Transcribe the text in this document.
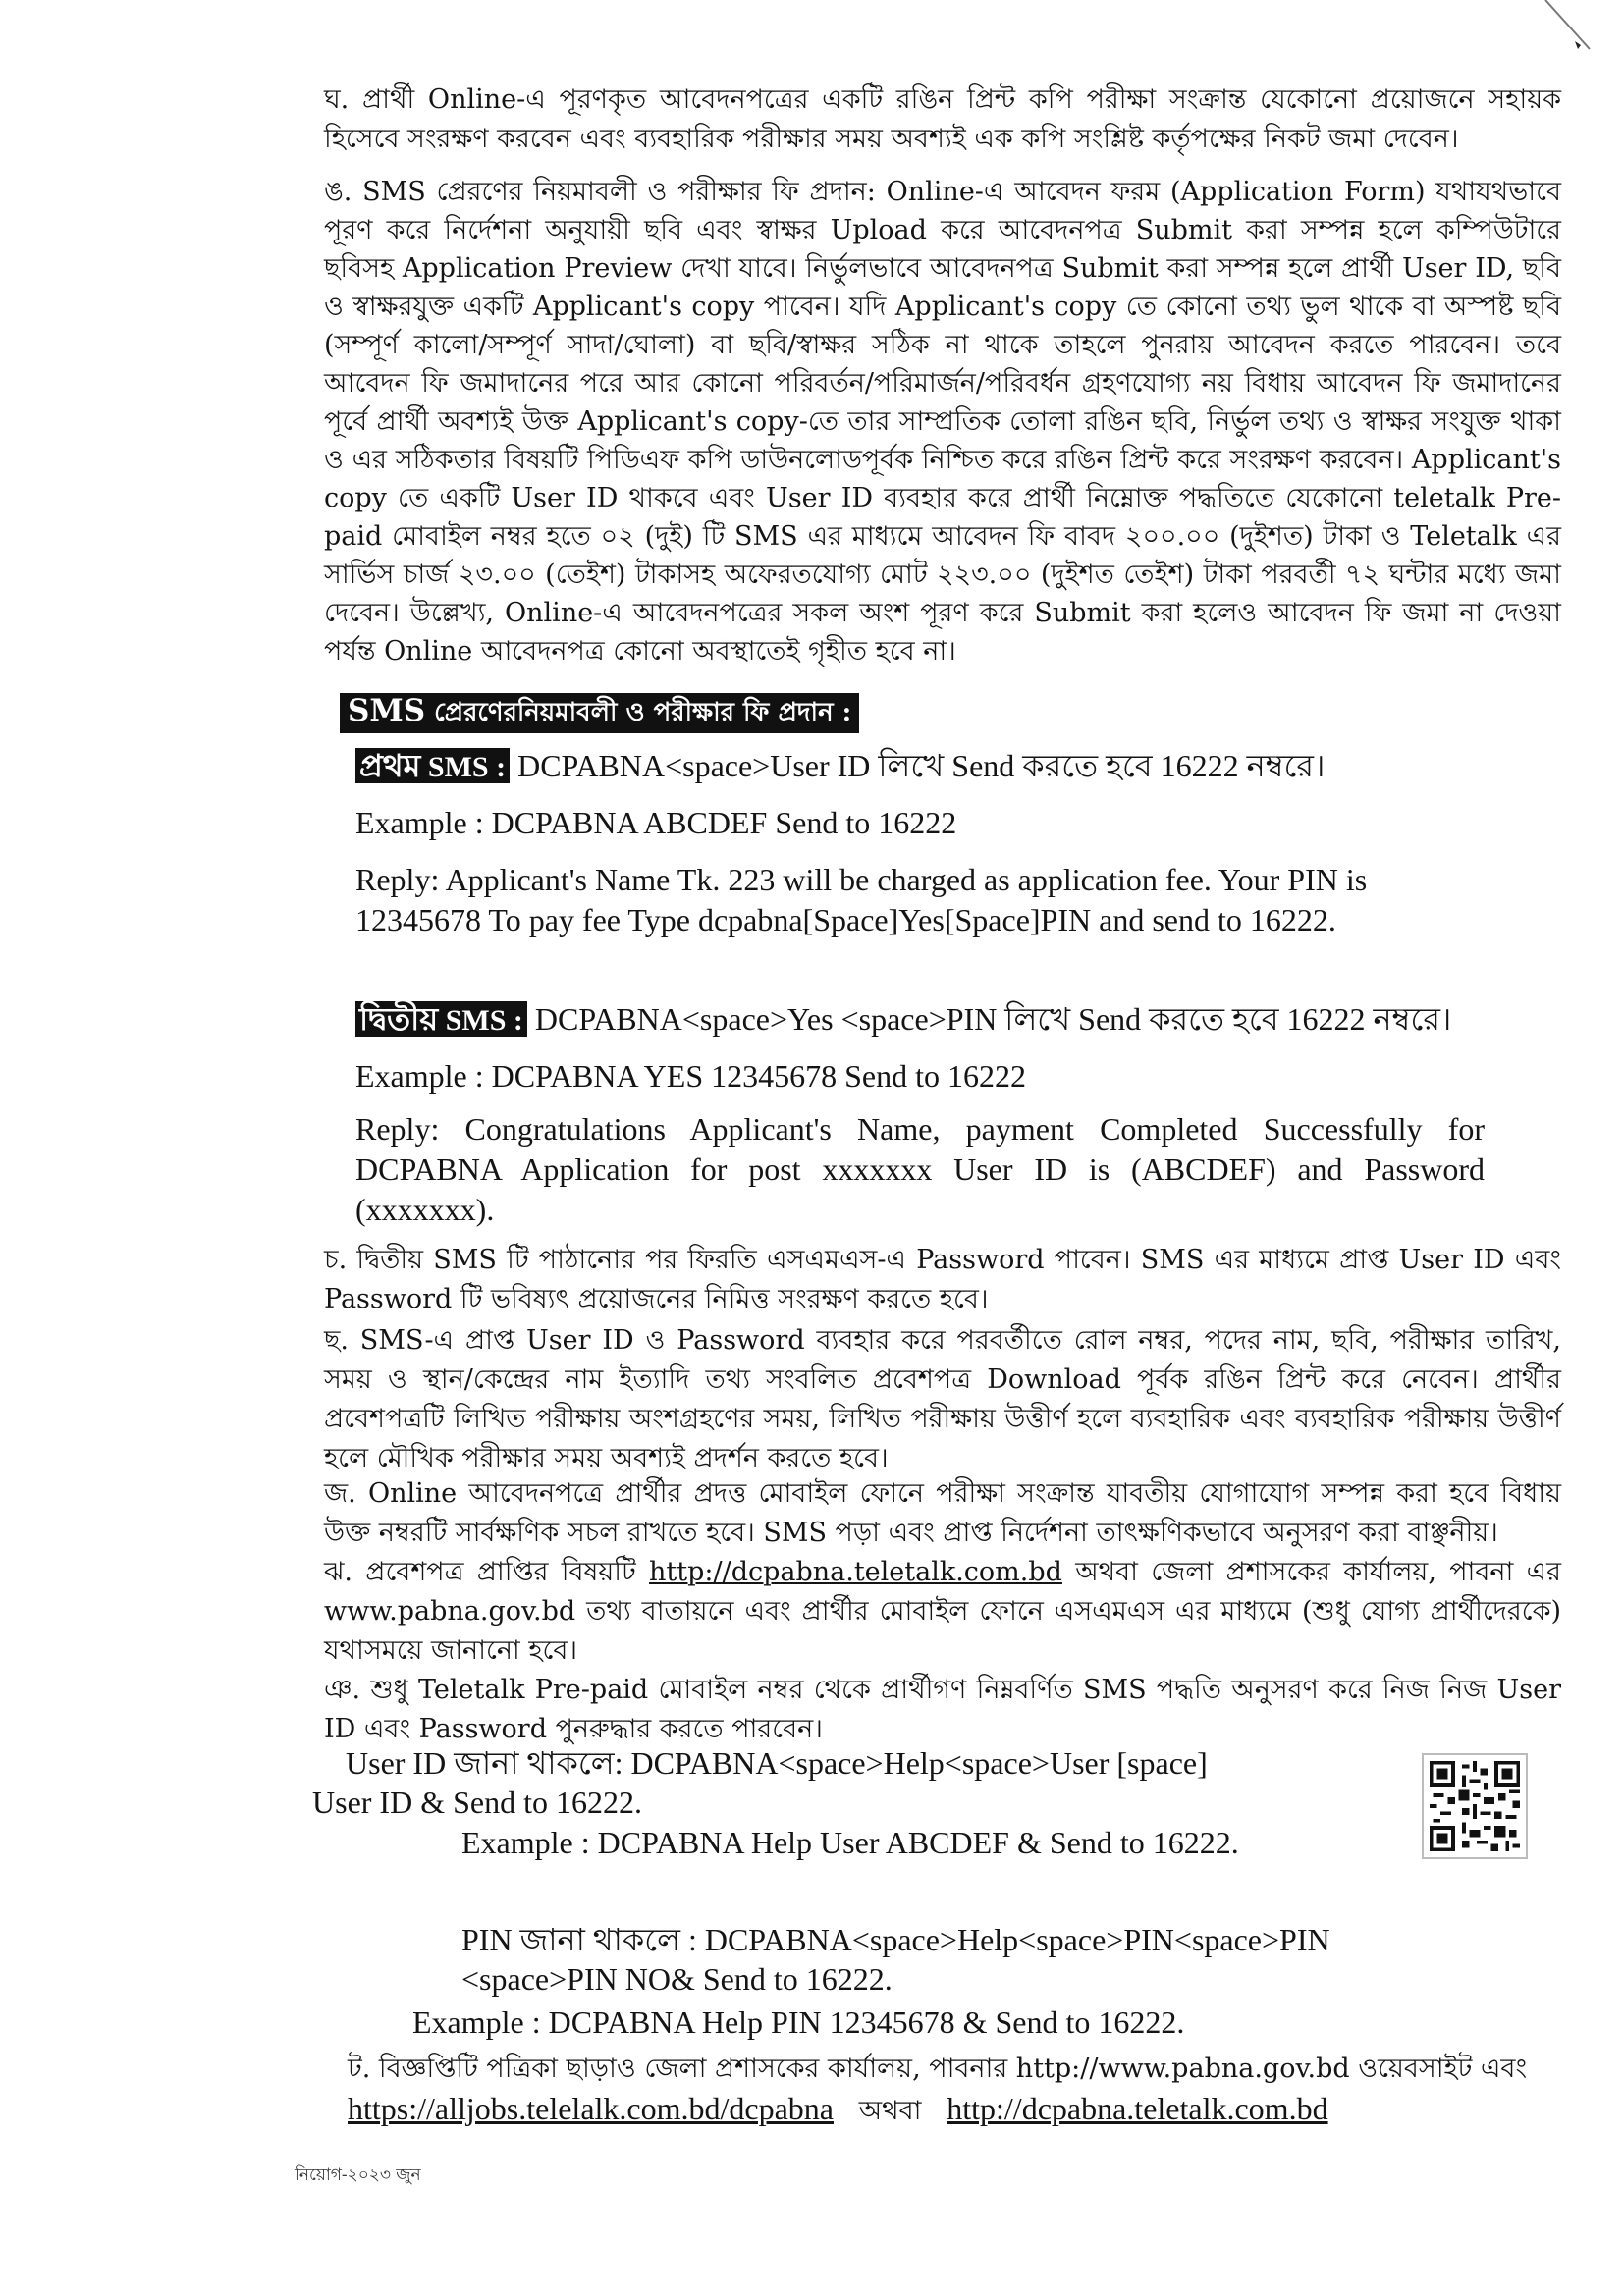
ঘ. প্রার্থী Online-এ পূরণকৃত আবেদনপত্রের একটি রঙিন প্রিন্ট কপি পরীক্ষা সংক্রান্ত যেকোনো প্রয়োজনে সহায়ক হিসেবে সংরক্ষণ করবেন এবং ব্যবহারিক পরীক্ষার সময় অবশ্যই এক কপি সংশ্লিষ্ট কর্তৃপক্ষের নিকট জমা দেবেন।

ঙ. SMS প্রেরণের নিয়মাবলী ও পরীক্ষার ফি প্রদান: Online-এ আবেদন ফরম (Application Form) যথাযথভাবে পূরণ করে নির্দেশনা অনুযায়ী ছবি এবং স্বাক্ষর Upload করে আবেদনপত্র Submit করা সম্পন্ন হলে কম্পিউটারে ছবিসহ Application Preview দেখা যাবে। নির্ভুলভাবে আবেদনপত্র Submit করা সম্পন্ন হলে প্রার্থী User ID, ছবি ও স্বাক্ষরযুক্ত একটি Applicant's copy পাবেন। যদি Applicant's copy তে কোনো তথ্য ভুল থাকে বা অস্পষ্ট ছবি (সম্পূর্ণ কালো/সম্পূর্ণ সাদা/ঘোলা) বা ছবি/স্বাক্ষর সঠিক না থাকে তাহলে পুনরায় আবেদন করতে পারবেন। তবে আবেদন ফি জমাদানের পরে আর কোনো পরিবর্তন/পরিমার্জন/পরিবর্ধন গ্রহণযোগ্য নয় বিধায় আবেদন ফি জমাদানের পূর্বে প্রার্থী অবশ্যই উক্ত Applicant's copy-তে তার সাম্প্রতিক তোলা রঙিন ছবি, নির্ভুল তথ্য ও স্বাক্ষর সংযুক্ত থাকা ও এর সঠিকতার বিষয়টি পিডিএফ কপি ডাউনলোডপূর্বক নিশ্চিত করে রঙিন প্রিন্ট করে সংরক্ষণ করবেন। Applicant's copy তে একটি User ID থাকবে এবং User ID ব্যবহার করে প্রার্থী নিম্নোক্ত পদ্ধতিতে যেকোনো teletalk Pre-paid মোবাইল নম্বর হতে ০২ (দুই) টি SMS এর মাধ্যমে আবেদন ফি বাবদ ২০০.০০ (দুইশত) টাকা ও Teletalk এর সার্ভিস চার্জ ২৩.০০ (তেইশ) টাকাসহ অফেরতযোগ্য মোট ২২৩.০০ (দুইশত তেইশ) টাকা পরবর্তী ৭২ ঘন্টার মধ্যে জমা দেবেন। উল্লেখ্য, Online-এ আবেদনপত্রের সকল অংশ পূরণ করে Submit করা হলেও আবেদন ফি জমা না দেওয়া পর্যন্ত Online আবেদনপত্র কোনো অবস্থাতেই গৃহীত হবে না।

SMS প্রেরণেরনিয়মাবলী ও পরীক্ষার ফি প্রদান :

প্রথম SMS : DCPABNA<space>User ID লিখে Send করতে হবে 16222 নম্বরে।

Example : DCPABNA ABCDEF Send to 16222

Reply: Applicant's Name Tk. 223 will be charged as application fee. Your PIN is 12345678 To pay fee Type dcpabna[Space]Yes[Space]PIN and send to 16222.

দ্বিতীয় SMS : DCPABNA<space>Yes <space>PIN লিখে Send করতে হবে 16222 নম্বরে।

Example : DCPABNA YES 12345678 Send to 16222

Reply: Congratulations Applicant's Name, payment Completed Successfully for DCPABNA Application for post xxxxxxx User ID is (ABCDEF) and Password (xxxxxxx).

চ. দ্বিতীয় SMS টি পাঠানোর পর ফিরতি এসএমএস-এ Password পাবেন। SMS এর মাধ্যমে প্রাপ্ত User ID এবং Password টি ভবিষ্যৎ প্রয়োজনের নিমিত্ত সংরক্ষণ করতে হবে।

ছ. SMS-এ প্রাপ্ত User ID ও Password ব্যবহার করে পরবর্তীতে রোল নম্বর, পদের নাম, ছবি, পরীক্ষার তারিখ, সময় ও স্থান/কেন্দ্রের নাম ইত্যাদি তথ্য সংবলিত প্রবেশপত্র Download পূর্বক রঙিন প্রিন্ট করে নেবেন। প্রার্থীর প্রবেশপত্রটি লিখিত পরীক্ষায় অংশগ্রহণের সময়, লিখিত পরীক্ষায় উত্তীর্ণ হলে ব্যবহারিক এবং ব্যবহারিক পরীক্ষায় উত্তীর্ণ হলে মৌখিক পরীক্ষার সময় অবশ্যই প্রদর্শন করতে হবে।

জ. Online আবেদনপত্রে প্রার্থীর প্রদত্ত মোবাইল ফোনে পরীক্ষা সংক্রান্ত যাবতীয় যোগাযোগ সম্পন্ন করা হবে বিধায় উক্ত নম্বরটি সার্বক্ষণিক সচল রাখতে হবে। SMS পড়া এবং প্রাপ্ত নির্দেশনা তাৎক্ষণিকভাবে অনুসরণ করা বাঞ্ছনীয়।

ঝ. প্রবেশপত্র প্রাপ্তির বিষয়টি http://dcpabna.teletalk.com.bd অথবা জেলা প্রশাসকের কার্যালয়, পাবনা এর www.pabna.gov.bd তথ্য বাতায়নে এবং প্রার্থীর মোবাইল ফোনে এসএমএস এর মাধ্যমে (শুধু যোগ্য প্রার্থীদেরকে) যথাসময়ে জানানো হবে।

ঞ. শুধু Teletalk Pre-paid মোবাইল নম্বর থেকে প্রার্থীগণ নিম্নবর্ণিত SMS পদ্ধতি অনুসরণ করে নিজ নিজ User ID এবং Password পুনরুদ্ধার করতে পারবেন।

User ID জানা থাকলে: DCPABNA<space>Help<space>User [space]

User ID & Send to 16222.

Example : DCPABNA Help User ABCDEF & Send to 16222.

PIN জানা থাকলে : DCPABNA<space>Help<space>PIN<space>PIN

<space>PIN NO& Send to 16222.

Example : DCPABNA Help PIN 12345678 & Send to 16222.

ট. বিজ্ঞপ্তিটি পত্রিকা ছাড়াও জেলা প্রশাসকের কার্যালয়, পাবনার http://www.pabna.gov.bd ওয়েবসাইট এবং
https://alljobs.telelalk.com.bd/dcpabna অথবা http://dcpabna.teletalk.com.bd

নিয়োগ-২০২৩ জুন
